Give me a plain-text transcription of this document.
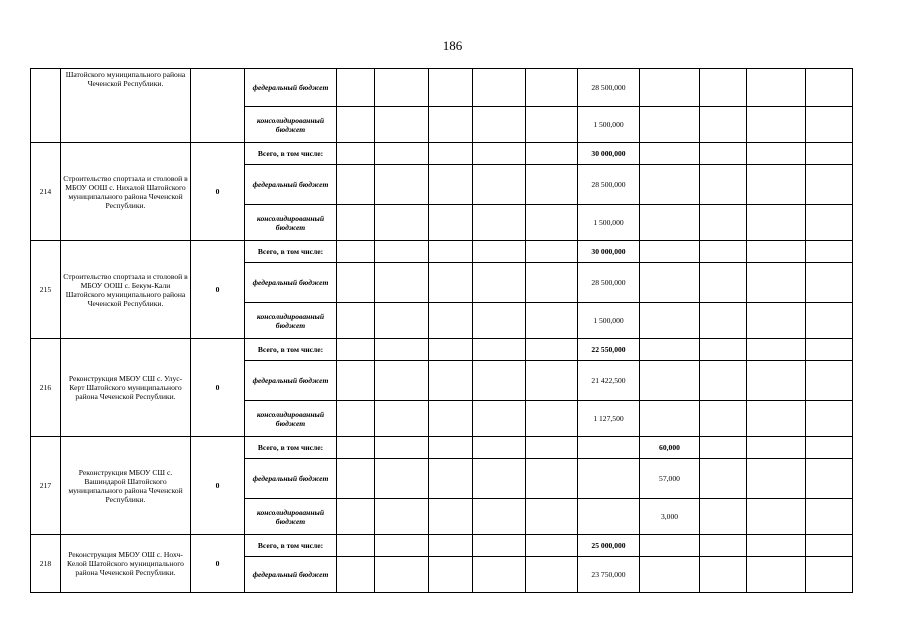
186
	Шатойского муниципального района Чеченской Республики.		федеральный бюджет						28 500,000				
			консолидированный бюджет						1 500,000				
214	Строительство спортзала и столовой в МБОУ ООШ с. Нихалой Шатойского муниципального района Чеченской Республики.	0	Всего, в том числе:						30 000,000				
			федеральный бюджет						28 500,000				
			консолидированный бюджет						1 500,000				
215	Строительство спортзала и столовой в МБОУ ООШ с. Бекум-Кали Шатойского муниципального района Чеченской Республики.	0	Всего, в том числе:						30 000,000				
			федеральный бюджет						28 500,000				
			консолидированный бюджет						1 500,000				
216	Реконструкция МБОУ СШ с. Улус-Керт Шатойского муниципального района Чеченской Республики.	0	Всего, в том числе:						22 550,000				
			федеральный бюджет						21 422,500				
			консолидированный бюджет						1 127,500				
217	Реконструкция МБОУ СШ с. Вашиндарой Шатойского муниципального района Чеченской Республики.	0	Всего, в том числе:							60,000			
			федеральный бюджет							57,000			
			консолидированный бюджет							3,000			
218	Реконструкция МБОУ ОШ с. Нохч-Келой Шатойского муниципального района Чеченской Республики.	0	Всего, в том числе:						25 000,000				
			федеральный бюджет						23 750,000				
